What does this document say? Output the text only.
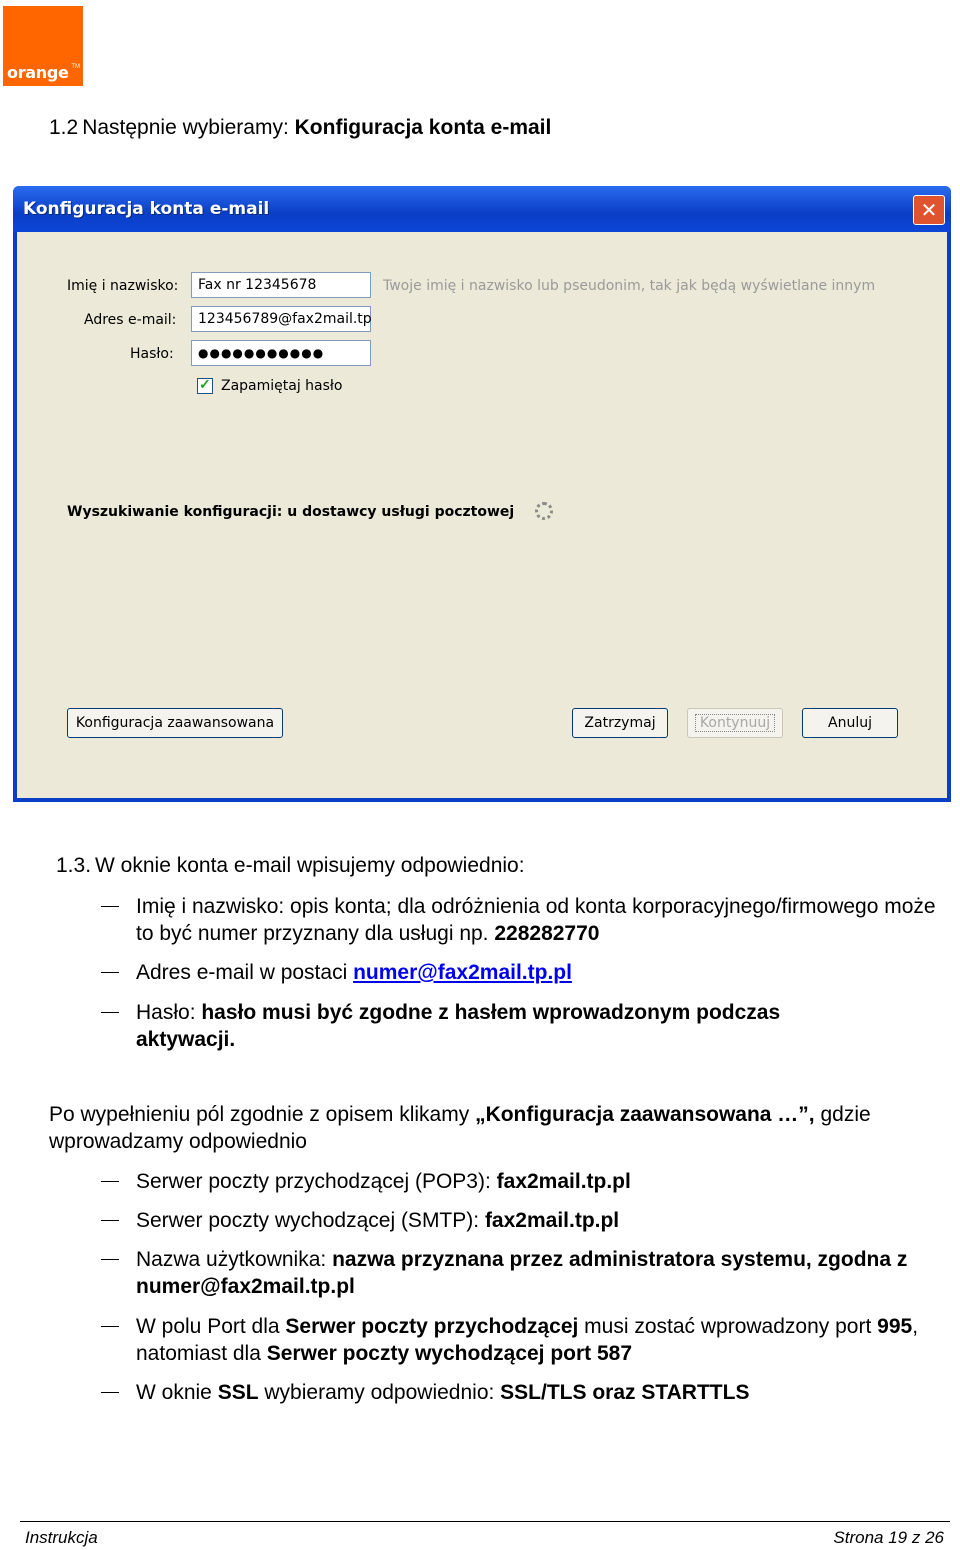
orange TM
1.2 Następnie wybieramy: Konfiguracja konta e-mail
Konfiguracja konta e-mail	✕
Imię i nazwisko:	Fax nr 12345678	Twoje imię i nazwisko lub pseudonim, tak jak będą wyświetlane innym
Adres e-mail:	123456789@fax2mail.tp
Hasło:	●●●●●●●●●●●
✓
Zapamiętaj hasło
Wyszukiwanie konfiguracji: u dostawcy usługi pocztowej
Konfiguracja zaawansowana	Zatrzymaj	Kontynuuj	Anuluj
1.3. W oknie konta e-mail wpisujemy odpowiednio:
Imię i nazwisko: opis konta; dla odróżnienia od konta korporacyjnego/firmowego może to być numer przyznany dla usługi np. 228282770
Adres e-mail w postaci numer@fax2mail.tp.pl
Hasło: hasło musi być zgodne z hasłem wprowadzonym podczas aktywacji.
Po wypełnieniu pól zgodnie z opisem klikamy „Konfiguracja zaawansowana …”, gdzie wprowadzamy odpowiednio
Serwer poczty przychodzącej (POP3): fax2mail.tp.pl
Serwer poczty wychodzącej (SMTP): fax2mail.tp.pl
Nazwa użytkownika: nazwa przyznana przez administratora systemu, zgodna z numer@fax2mail.tp.pl
W polu Port dla Serwer poczty przychodzącej musi zostać wprowadzony port 995, natomiast dla Serwer poczty wychodzącej port 587
W oknie SSL wybieramy odpowiednio: SSL/TLS oraz STARTTLS
Instrukcja	Strona 19 z 26
